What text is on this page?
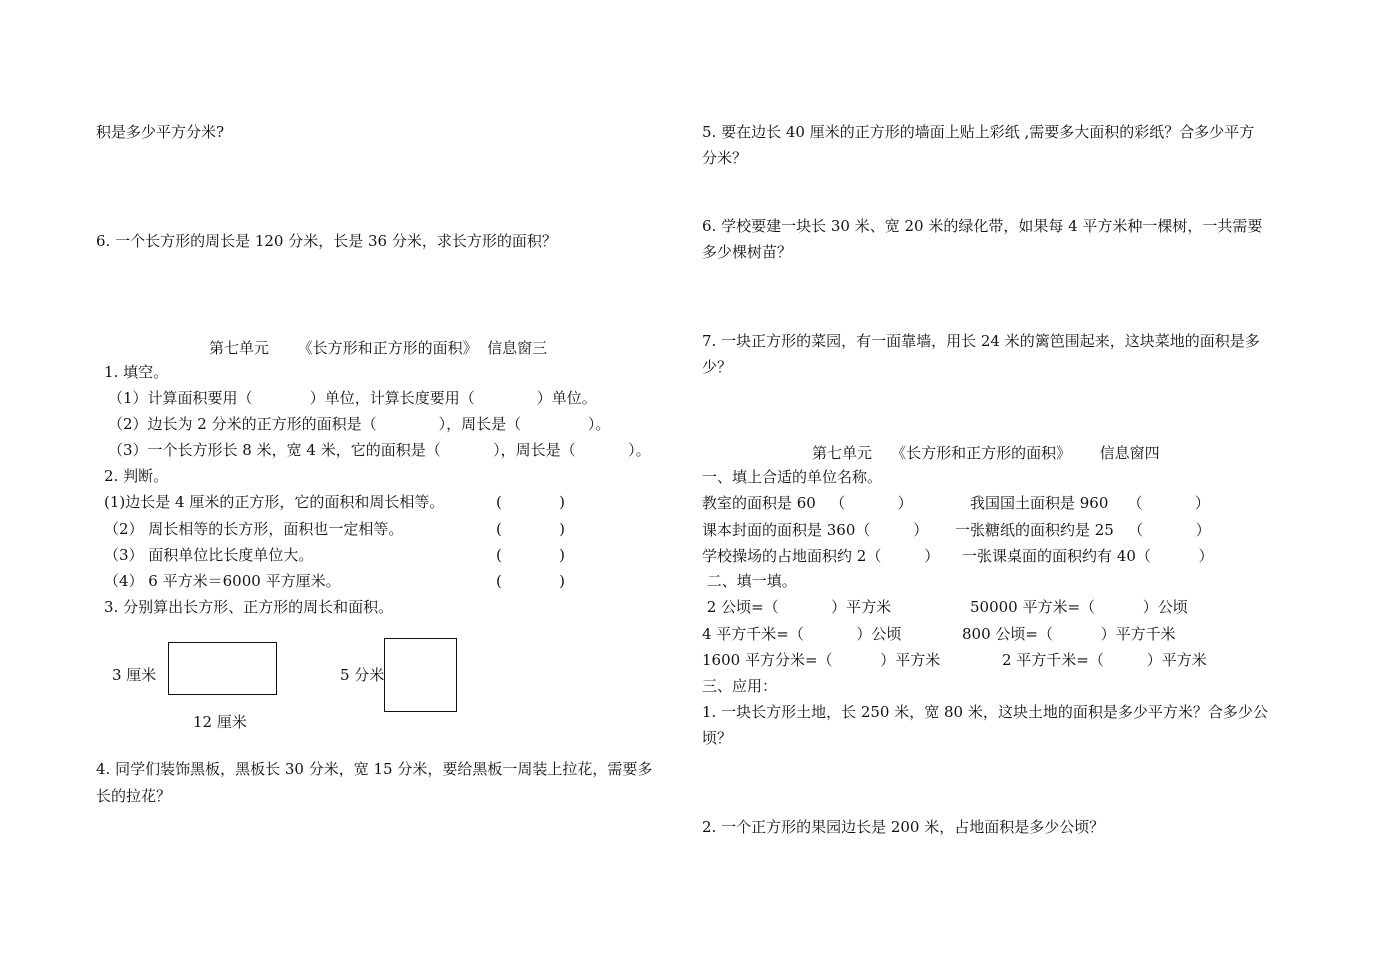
积是多少平方分米?
6. 一个长方形的周长是 120 分米，长是 36 分米，求长方形的面积？
第七单元      《长方形和正方形的面积》  信息窗三
1. 填空。
（1）计算面积要用（            ）单位，计算长度要用（             ）单位。
（2）边长为 2 分米的正方形的面积是（             ），周长是（              ）。
（3）一个长方形长 8 米，宽 4 米，它的面积是（           ），周长是（           ）。
2. 判断。
(1)边长是 4 厘米的正方形，它的面积和周长相等。	(            )
（2） 周长相等的长方形，面积也一定相等。	(            )
（3） 面积单位比长度单位大。	(            )
（4） 6 平方米＝6000 平方厘米。	(            )
3. 分别算出长方形、正方形的周长和面积。
3 厘米
12 厘米
5 分米
4. 同学们装饰黑板，黑板长 30 分米，宽 15 分米，要给黑板一周装上拉花，需要多
长的拉花？
5. 要在边长 40 厘米的正方形的墙面上贴上彩纸 ,需要多大面积的彩纸？合多少平方
分米？
6. 学校要建一块长 30 米、宽 20 米的绿化带，如果每 4 平方米种一棵树，一共需要
多少棵树苗？
7. 一块正方形的菜园，有一面靠墙，用长 24 米的篱笆围起来，这块菜地的面积是多
少？
第七单元    《长方形和正方形的面积》      信息窗四
一、填上合适的单位名称。
教室的面积是 60   （           ）	我国国土面积是 960    （           ）
课本封面的面积是 360（         ） 一张糖纸的面积约是 25   （           ）
学校操场的占地面积约 2（         ） 一张课桌面的面积约有 40（          ）
二、填一填。
2 公顷=（           ）平方米	50000 平方米=（          ）公顷
4 平方千米=（           ）公顷	800 公顷=（          ）平方千米
1600 平方分米=（          ）平方米	2 平方千米=（         ）平方米
三、应用：
1. 一块长方形土地，长 250 米，宽 80 米，这块土地的面积是多少平方米？合多少公
顷？
2. 一个正方形的果园边长是 200 米，占地面积是多少公顷？
